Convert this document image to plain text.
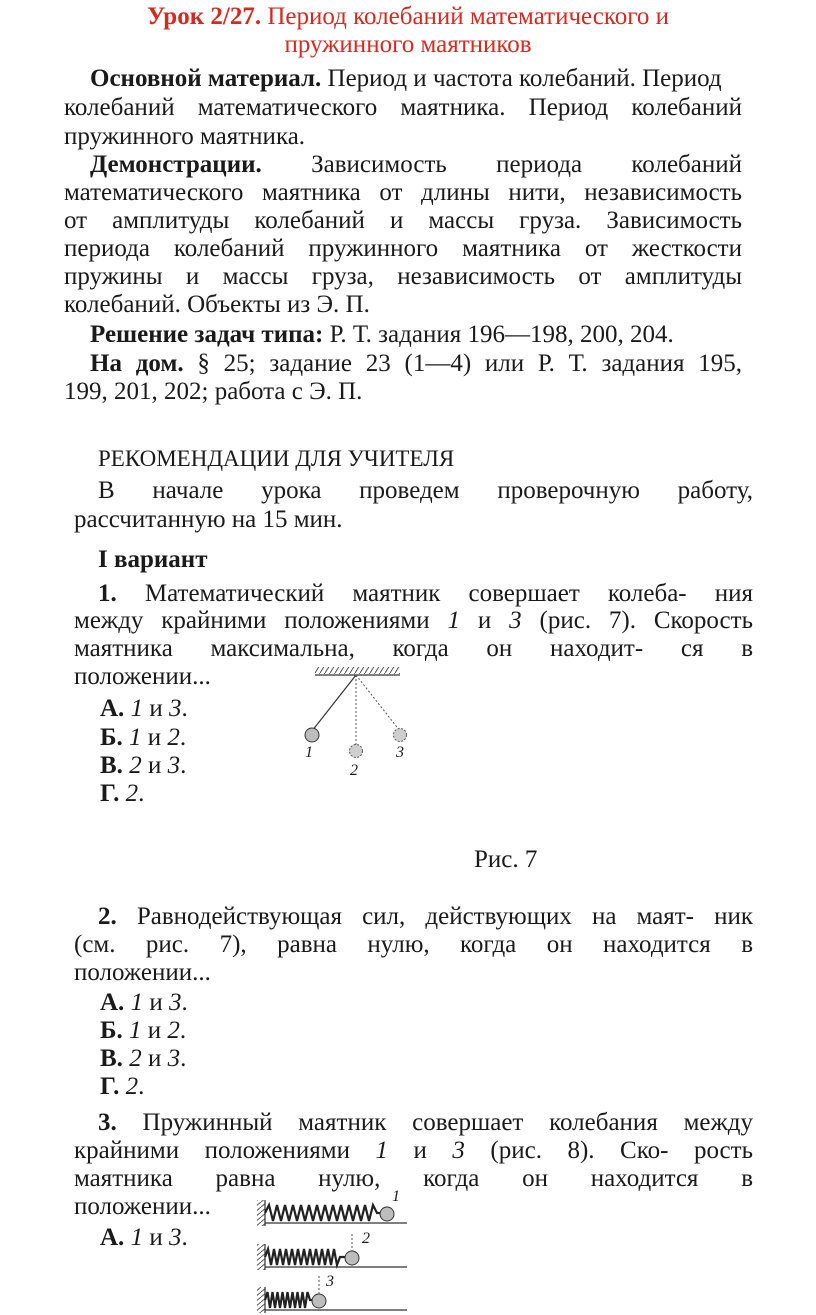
Урок 2/27. Период колебаний математического и
пружинного маятников
Основной материал. Период и частота колебаний. Период
колебаний математического маятника. Период колебаний
пружинного маятника.
Демонстрации. Зависимость периода колебаний
математического маятника от длины нити, независимость
от амплитуды колебаний и массы груза. Зависимость
периода колебаний пружинного маятника от жесткости
пружины и массы груза, независимость от амплитуды
колебаний. Объекты из Э. П.
Решение задач типа: Р. Т. задания 196—198, 200, 204.
На дом. § 25; задание 23 (1—4) или Р. Т. задания 195,
199, 201, 202; работа с Э. П.
РЕКОМЕНДАЦИИ ДЛЯ УЧИТЕЛЯ
В начале урока проведем проверочную работу,
рассчитанную на 15 мин.
I вариант
1. Математический маятник совершает колеба- ния
между крайними положениями 1 и 3 (рис. 7). Скорость
маятника максимальна, когда он находит- ся в
положении...
А. 1 и 3.
Б. 1 и 2.
В. 2 и 3.
Г. 2.
1
2
3
Рис. 7
2. Равнодействующая сил, действующих на маят- ник
(см. рис. 7), равна нулю, когда он находится в
положении...
А. 1 и 3.
Б. 1 и 2.
В. 2 и 3.
Г. 2.
3. Пружинный маятник совершает колебания между
крайними положениями 1 и 3 (рис. 8). Ско- рость
маятника равна нулю, когда он находится в
положении...
А. 1 и 3.
1
2
3
